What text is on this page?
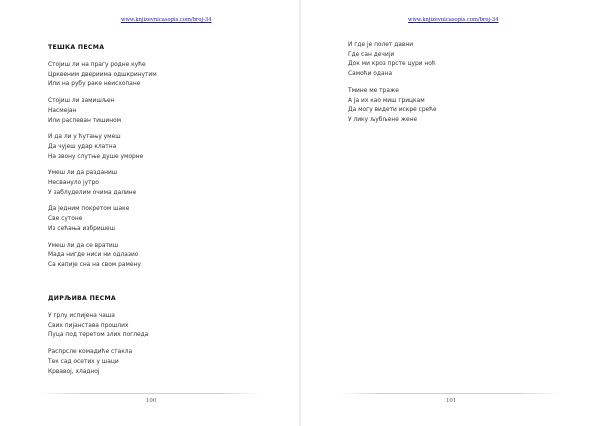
www.knjizevnicasopis.com/broj-34
ТЕШКА ПЕСМА
Стојиш ли на прагу родне куће
Црквеним двериима одшкринутим
Или на рубу раке неисхопане
Стојиш ли замишљен
Насмејан
Или распеван тишином
И да ли у ћутању умеш
Да чујеш удар клатна
На звону слутње душе уморне
Умеш ли да разданиш
Несвануло јутро
У заблуделим очима далине
Да једним покретом шаке
Све сутоне
Из сећања избришеш
Умеш ли да се вратиш
Мада нигде ниси ни одлазио
Са капије сна на свом рамену
ДИРЉИВА ПЕСМА
У грлу испијена чаша
Свих пијанстава прошлих
Пуца под теретом злих погледа
Распрсле комадиће стакла
Тек сад осетих у шаци
Крвавој, хладној
100
www.knjizevnicasopis.com/broj-34
И где је полет давни
Где сан дечији
Док ми кроз прсте цури ноћ
Самоћи одана
Тмине ме траже
А ја их као миш грицкам
Да могу видети искре среће
У лику љубљене жене
101
